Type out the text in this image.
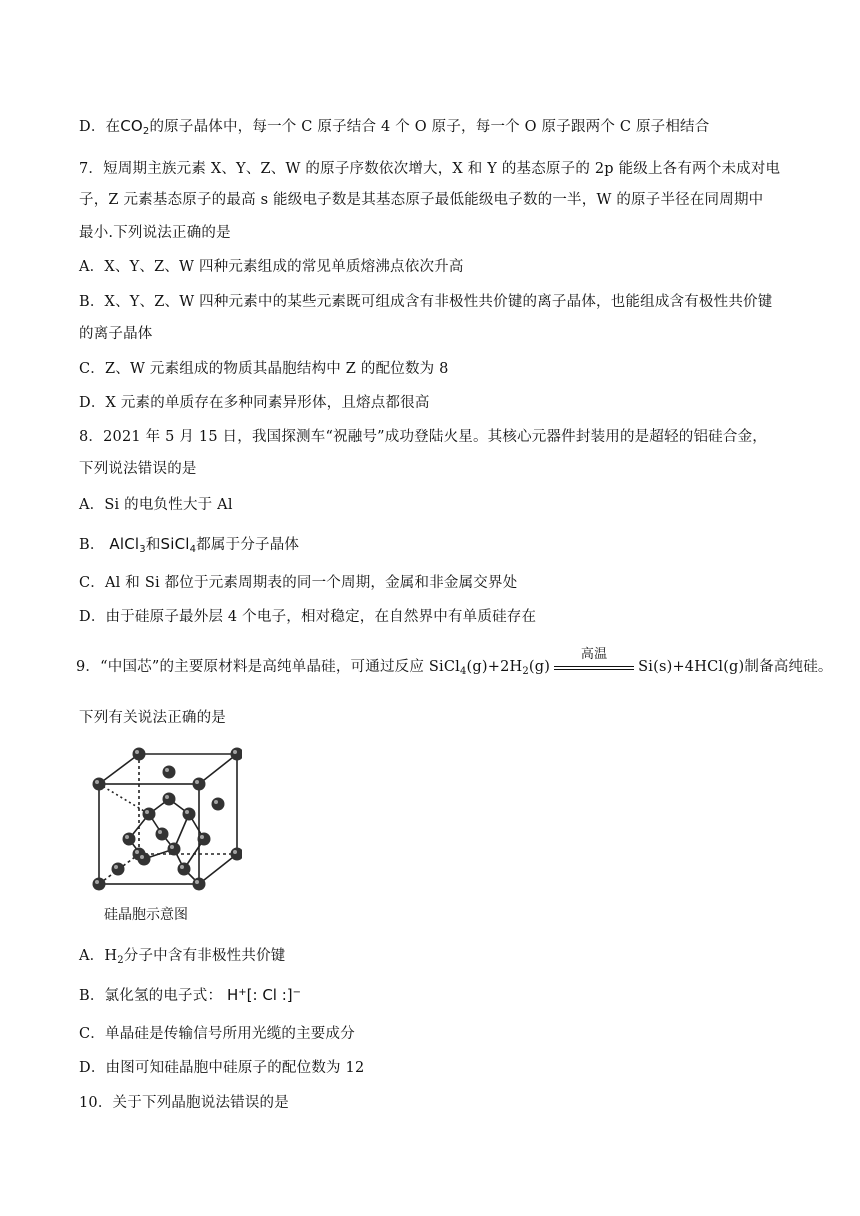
D．在$CO_2$的原子晶体中，每一个 C 原子结合 4 个 O 原子，每一个 O 原子跟两个 C 原子相结合
7．短周期主族元素 X、Y、Z、W 的原子序数依次增大，X 和 Y 的基态原子的 2p 能级上各有两个未成对电
子，Z 元素基态原子的最高 s 能级电子数是其基态原子最低能级电子数的一半，W 的原子半径在同周期中
最小.下列说法正确的是
A．X、Y、Z、W 四种元素组成的常见单质熔沸点依次升高
B．X、Y、Z、W 四种元素中的某些元素既可组成含有非极性共价键的离子晶体，也能组成含有极性共价键
的离子晶体
C．Z、W 元素组成的物质其晶胞结构中 Z 的配位数为 8
D．X 元素的单质存在多种同素异形体，且熔点都很高
8．2021 年 5 月 15 日，我国探测车“祝融号”成功登陆火星。其核心元器件封装用的是超轻的铝硅合金，
下列说法错误的是
A．Si 的电负性大于 Al
B． AlCl$_3$和SiCl$_4$都属于分子晶体
C．Al 和 Si 都位于元素周期表的同一个周期，金属和非金属交界处
D．由于硅原子最外层 4 个电子，相对稳定，在自然界中有单质硅存在
9．“中国芯”的主要原材料是高纯单晶硅，可通过反应 $SiCl_4(g)+2H_2(g)$
高温
Si(s)+4HCl(g)制备高纯硅。
下列有关说法正确的是
硅晶胞示意图
A．$H_2$分子中含有非极性共价键
B．氯化氢的电子式： H+[: Cl :]−
C．单晶硅是传输信号所用光缆的主要成分
D．由图可知硅晶胞中硅原子的配位数为 12
10．关于下列晶胞说法错误的是
